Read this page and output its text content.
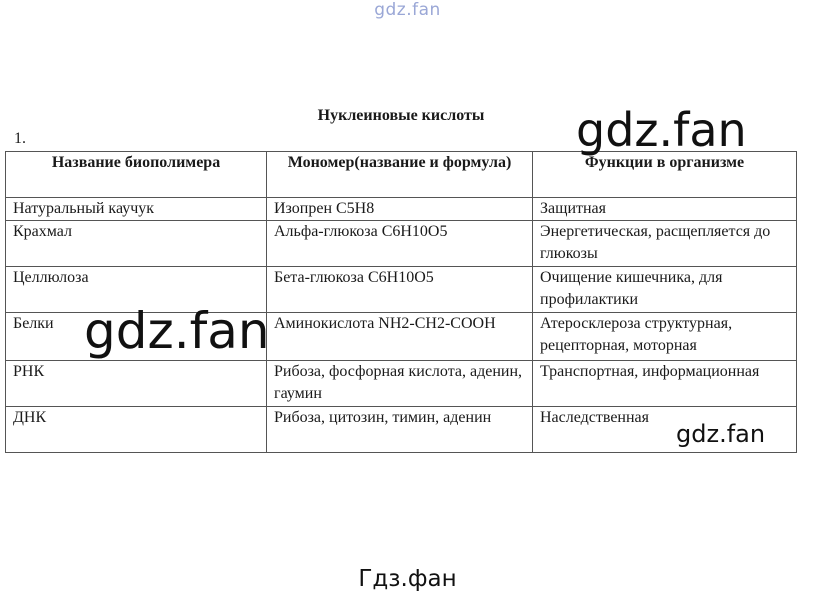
gdz.fan
Нуклеиновые кислоты
1.
Название биополимера	Мономер(название и формула)	Функции в организме
Натуральный каучук	Изопрен C5H8	Защитная
Крахмал	Альфа-глюкоза C6H10O5	Энергетическая, расщепляется до глюкозы
Целлюлоза	Бета-глюкоза C6H10O5	Очищение кишечника, для профилактики
Белки	Аминокислота NH2-CH2-COOH	Атеросклероза структурная, рецепторная, моторная
РНК	Рибоза, фосфорная кислота, аденин, гаумин	Транспортная, информационная
ДНК	Рибоза, цитозин, тимин, аденин	Наследственная
gdz.fan
gdz.fan
gdz.fan
Гдз.фан
